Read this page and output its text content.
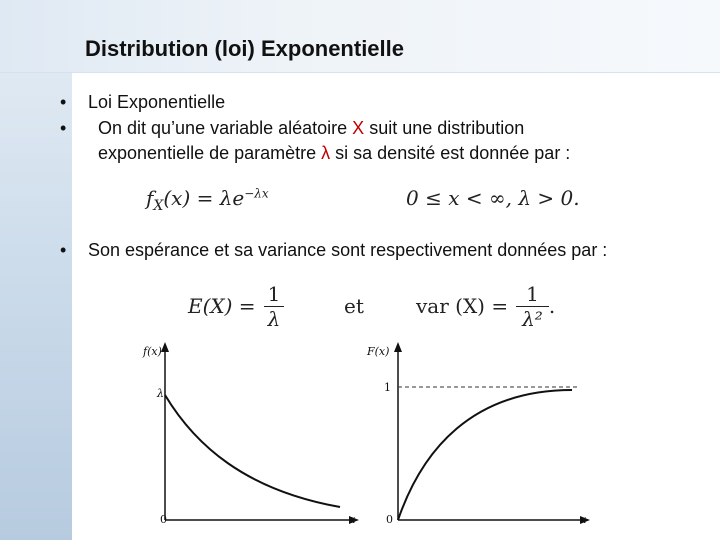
Distribution (loi) Exponentielle
• Loi Exponentielle
• On dit qu’une variable aléatoire X suit une distribution
exponentielle de paramètre λ si sa densité est donnée par :
$f_X(x) = \lambda e^{-\lambda x}$	0 ≤ x < ∞, λ > 0.
• Son espérance et sa variance sont respectivement données par :
$E(X) = \frac{1}{\lambda}$	et	var $(X) = \frac{1}{\text{λ²}}$ .
f(x)
λ
0	x
F(x)
1
0	x
